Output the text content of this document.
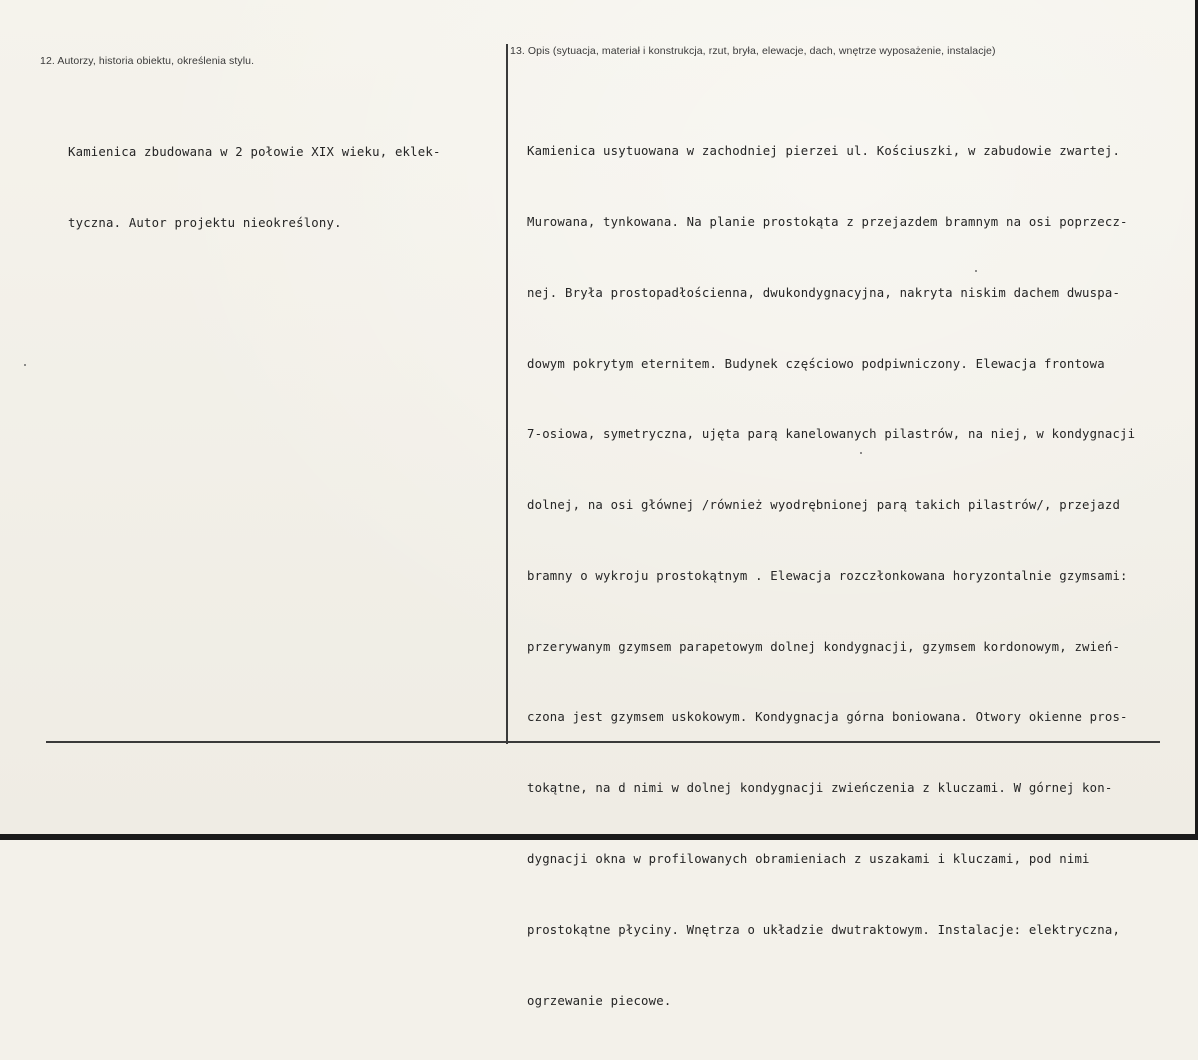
12. Autorzy, historia obiektu, określenia stylu.
13. Opis (sytuacja, materiał i konstrukcja, rzut, bryła, elewacje, dach, wnętrze wyposażenie, instalacje)

Kamienica zbudowana w 2 połowie XIX wieku, eklek-

tyczna. Autor projektu nieokreślony.

Kamienica usytuowana w zachodniej pierzei ul. Kościuszki, w zabudowie zwartej.

Murowana, tynkowana. Na planie prostokąta z przejazdem bramnym na osi poprzecz-

nej. Bryła prostopadłościenna, dwukondygnacyjna, nakryta niskim dachem dwuspa-

dowym pokrytym eternitem. Budynek częściowo podpiwniczony. Elewacja frontowa

7-osiowa, symetryczna, ujęta parą kanelowanych pilastrów, na niej, w kondygnacji

dolnej, na osi głównej /również wyodrębnionej parą takich pilastrów/, przejazd

bramny o wykroju prostokątnym . Elewacja rozczłonkowana horyzontalnie gzymsami:

przerywanym gzymsem parapetowym dolnej kondygnacji, gzymsem kordonowym, zwień-

czona jest gzymsem uskokowym. Kondygnacja górna boniowana. Otwory okienne pros-

tokątne, na d nimi w dolnej kondygnacji zwieńczenia z kluczami. W górnej kon-

dygnacji okna w profilowanych obramieniach z uszakami i kluczami, pod nimi

prostokątne płyciny. Wnętrza o układzie dwutraktowym. Instalacje: elektryczna,

ogrzewanie piecowe.
